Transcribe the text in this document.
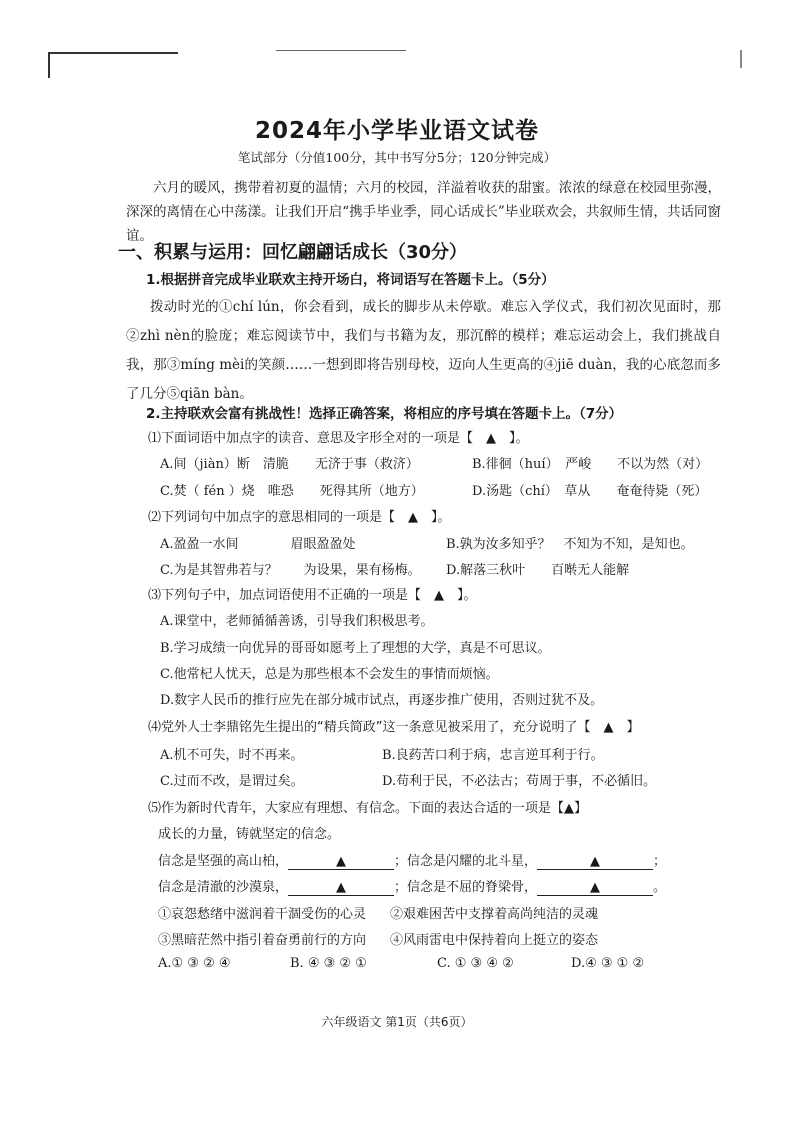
2024年小学毕业语文试卷
笔试部分（分值100分，其中书写分5分；120分钟完成）
六月的暖风，携带着初夏的温情；六月的校园，洋溢着收获的甜蜜。浓浓的绿意在校园里弥漫，深深的离情在心中荡漾。让我们开启“携手毕业季，同心话成长”毕业联欢会，共叙师生情，共话同窗谊。
一、积累与运用：回忆翩翩话成长（30分）
1.根据拼音完成毕业联欢主持开场白，将词语写在答题卡上。（5分）
拨动时光的①chí lún，你会看到，成长的脚步从未停歇。难忘入学仪式，我们初次见面时，那②zhì nèn的脸庞；难忘阅读节中，我们与书籍为友，那沉醉的模样；难忘运动会上，我们挑战自我，那③míng mèi的笑颜……一想到即将告别母校，迈向人生更高的④jiē duàn，我的心底忽而多了几分⑤qiān bàn。
2.主持联欢会富有挑战性！选择正确答案，将相应的序号填在答题卡上。（7分）
⑴下面词语中加点字的读音、意思及字形全对的一项是【　▲　】。
A.间（jiàn）断　清脆　　无济于事（救济）	B.徘徊（huí）　严峻　　不以为然（对）
C.焚（ fén ）烧　唯恐　　死得其所（地方）	D.汤匙（chí）　草从　　奄奄待毙（死）
⑵下列词句中加点字的意思相同的一项是【　▲　】。
A.盈盈一水间　　　　眉眼盈盈处	B.孰为汝多知乎？　不知为不知，是知也。
C.为是其智弗若与？　　为设果，果有杨梅。 D.解落三秋叶　　百啭无人能解
⑶下列句子中，加点词语使用不正确的一项是【　▲　】。
A.课堂中，老师循循善诱，引导我们积极思考。
B.学习成绩一向优异的哥哥如愿考上了理想的大学，真是不可思议。
C.他常杞人忧天，总是为那些根本不会发生的事情而烦恼。
D.数字人民币的推行应先在部分城市试点，再逐步推广使用，否则过犹不及。
⑷党外人士李鼎铭先生提出的“精兵简政”这一条意见被采用了，充分说明了【　▲　】
A.机不可失，时不再来。	B.良药苦口利于病，忠言逆耳利于行。
C.过而不改，是谓过矣。	D.苟利于民，不必法古；苟周于事，不必循旧。
⑸作为新时代青年，大家应有理想、有信念。下面的表达合适的一项是【▲】
成长的力量，铸就坚定的信念。
信念是坚强的高山柏，	▲	；信念是闪耀的北斗星，	▲	；
信念是清澈的沙漠泉，	▲	；信念是不屈的脊梁骨，	▲	。
①哀怨愁绪中滋润着干涸受伤的心灵 ②艰难困苦中支撑着高尚纯洁的灵魂
③黑暗茫然中指引着奋勇前行的方向 ④风雨雷电中保持着向上挺立的姿态
A.① ③ ② ④	B. ④ ③ ② ①	C. ① ③ ④ ②	D.④ ③ ① ②
六年级语文 第1页（共6页）
